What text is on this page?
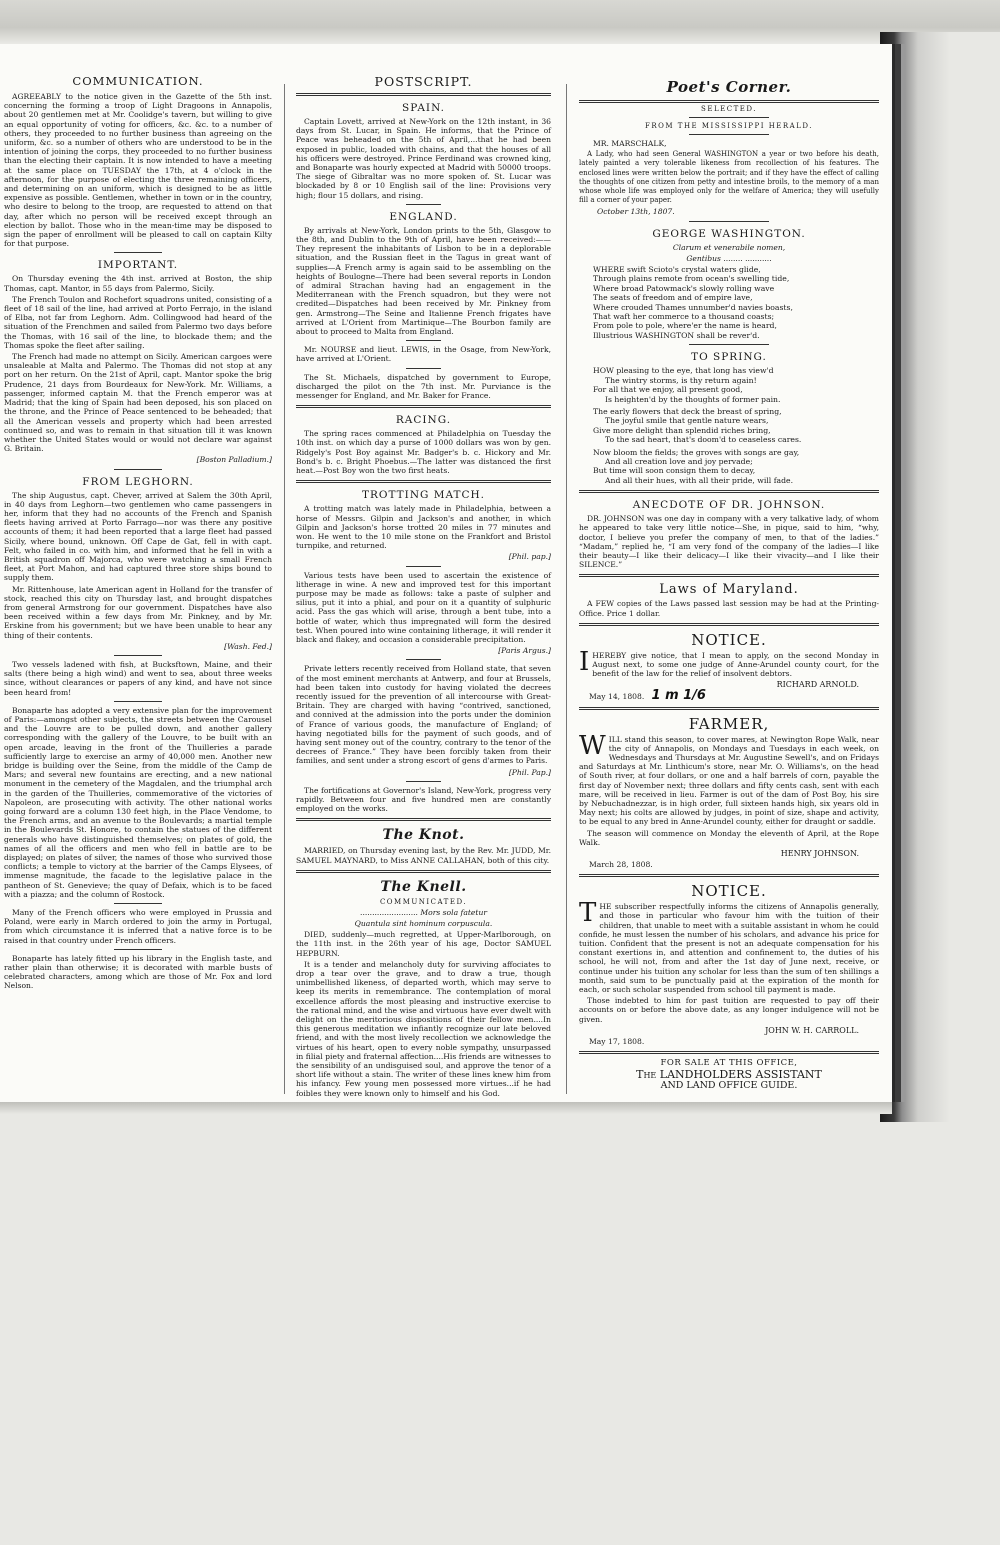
COMMUNICATION.

AGREEABLY to the notice given in the Gazette of the 5th inst. concerning the forming a troop of Light Dragoons in Annapolis, about 20 gentlemen met at Mr. Coolidge's tavern, but willing to give an equal opportunity of voting for officers, &c. &c. to a number of others, they proceeded to no further business than agreeing on the uniform, &c. so a number of others who are understood to be in the intention of joining the corps, they proceeded to no further business than the electing their captain. It is now intended to have a meeting at the same place on TUESDAY the 17th, at 4 o'clock in the afternoon, for the purpose of electing the three remaining officers, and determining on an uniform, which is designed to be as little expensive as possible. Gentlemen, whether in town or in the country, who desire to belong to the troop, are requested to attend on that day, after which no person will be received except through an election by ballot. Those who in the mean-time may be disposed to sign the paper of enrollment will be pleased to call on captain Kilty for that purpose.

IMPORTANT.

On Thursday evening the 4th inst. arrived at Boston, the ship Thomas, capt. Mantor, in 55 days from Palermo, Sicily.

The French Toulon and Rochefort squadrons united, consisting of a fleet of 18 sail of the line, had arrived at Porto Ferrajo, in the island of Elba, not far from Leghorn. Adm. Collingwood had heard of the situation of the Frenchmen and sailed from Palermo two days before the Thomas, with 16 sail of the line, to blockade them; and the Thomas spoke the fleet after sailing.

The French had made no attempt on Sicily. American cargoes were unsaleable at Malta and Palermo. The Thomas did not stop at any port on her return. On the 21st of April, capt. Mantor spoke the brig Prudence, 21 days from Bourdeaux for New-York. Mr. Williams, a passenger, informed captain M. that the French emperor was at Madrid; that the king of Spain had been deposed, his son placed on the throne, and the Prince of Peace sentenced to be beheaded; that all the American vessels and property which had been arrested continued so, and was to remain in that situation till it was known whether the United States would or would not declare war against G. Britain.

[Boston Palladium.]

FROM LEGHORN.

The ship Augustus, capt. Chever, arrived at Salem the 30th April, in 40 days from Leghorn—two gentlemen who came passengers in her, inform that they had no accounts of the French and Spanish fleets having arrived at Porto Farrago—nor was there any positive accounts of them; it had been reported that a large fleet had passed Sicily, where bound, unknown. Off Cape de Gat, fell in with capt. Felt, who failed in co. with him, and informed that he fell in with a British squadron off Majorca, who were watching a small French fleet, at Port Mahon, and had captured three store ships bound to supply them.

Mr. Rittenhouse, late American agent in Holland for the transfer of stock, reached this city on Thursday last, and brought dispatches from general Armstrong for our government. Dispatches have also been received within a few days from Mr. Pinkney, and by Mr. Erskine from his government; but we have been unable to hear any thing of their contents.

[Wash. Fed.]

Two vessels ladened with fish, at Bucksftown, Maine, and their salts (there being a high wind) and went to sea, about three weeks since, without clearances or papers of any kind, and have not since been heard from!

Bonaparte has adopted a very extensive plan for the improvement of Paris:—amongst other subjects, the streets between the Carousel and the Louvre are to be pulled down, and another gallery corresponding with the gallery of the Louvre, to be built with an open arcade, leaving in the front of the Thuilleries a parade sufficiently large to exercise an army of 40,000 men. Another new bridge is building over the Seine, from the middle of the Camp de Mars; and several new fountains are erecting, and a new national monument in the cemetery of the Magdalen, and the triumphal arch in the garden of the Thuilleries, commemorative of the victories of Napoleon, are prosecuting with activity. The other national works going forward are a column 130 feet high, in the Place Vendome, to the French arms, and an avenue to the Boulevards; a martial temple in the Boulevards St. Honore, to contain the statues of the different generals who have distinguished themselves; on plates of gold, the names of all the officers and men who fell in battle are to be displayed; on plates of silver, the names of those who survived those conflicts; a temple to victory at the barrier of the Camps Elysees, of immense magnitude, the facade to the legislative palace in the pantheon of St. Genevieve; the quay of Defaix, which is to be faced with a piazza; and the column of Rostock.

Many of the French officers who were employed in Prussia and Poland, were early in March ordered to join the army in Portugal, from which circumstance it is inferred that a native force is to be raised in that country under French officers.

Bonaparte has lately fitted up his library in the English taste, and rather plain than otherwise; it is decorated with marble busts of celebrated characters, among which are those of Mr. Fox and lord Nelson.

POSTSCRIPT.
SPAIN.

Captain Lovett, arrived at New-York on the 12th instant, in 36 days from St. Lucar, in Spain. He informs, that the Prince of Peace was beheaded on the 5th of April,...that he had been exposed in public, loaded with chains, and that the houses of all his officers were destroyed. Prince Ferdinand was crowned king, and Bonaparte was hourly expected at Madrid with 50000 troops. The siege of Gibraltar was no more spoken of. St. Lucar was blockaded by 8 or 10 English sail of the line: Provisions very high; flour 15 dollars, and rising.

ENGLAND.

By arrivals at New-York, London prints to the 5th, Glasgow to the 8th, and Dublin to the 9th of April, have been received:——They represent the inhabitants of Lisbon to be in a deplorable situation, and the Russian fleet in the Tagus in great want of supplies—A French army is again said to be assembling on the heights of Boulogne—There had been several reports in London of admiral Strachan having had an engagement in the Mediterranean with the French squadron, but they were not credited—Dispatches had been received by Mr. Pinkney from gen. Armstrong—The Seine and Italienne French frigates have arrived at L'Orient from Martinique—The Bourbon family are about to proceed to Malta from England.

Mr. NOURSE and lieut. LEWIS, in the Osage, from New-York, have arrived at L'Orient.

The St. Michaels, dispatched by government to Europe, discharged the pilot on the 7th inst. Mr. Purviance is the messenger for England, and Mr. Baker for France.

RACING.

The spring races commenced at Philadelphia on Tuesday the 10th inst. on which day a purse of 1000 dollars was won by gen. Ridgely's Post Boy against Mr. Badger's b. c. Hickory and Mr. Bond's b. c. Bright Phoebus.—The latter was distanced the first heat.—Post Boy won the two first heats.

TROTTING MATCH.

A trotting match was lately made in Philadelphia, between a horse of Messrs. Gilpin and Jackson's and another, in which Gilpin and Jackson's horse trotted 20 miles in 77 minutes and won. He went to the 10 mile stone on the Frankfort and Bristol turnpike, and returned.

[Phil. pap.]

Various tests have been used to ascertain the existence of litherage in wine. A new and improved test for this important purpose may be made as follows: take a paste of sulpher and silius, put it into a phial, and pour on it a quantity of sulphuric acid. Pass the gas which will arise, through a bent tube, into a bottle of water, which thus impregnated will form the desired test. When poured into wine containing litherage, it will render it black and flakey, and occasion a considerable precipitation.

[Paris Argus.]

Private letters recently received from Holland state, that seven of the most eminent merchants at Antwerp, and four at Brussels, had been taken into custody for having violated the decrees recently issued for the prevention of all intercourse with Great-Britain. They are charged with having “contrived, sanctioned, and connived at the admission into the ports under the dominion of France of various goods, the manufacture of England; of having negotiated bills for the payment of such goods, and of having sent money out of the country, contrary to the tenor of the decrees of France.” They have been forcibly taken from their families, and sent under a strong escort of gens d'armes to Paris.

[Phil. Pap.]

The fortifications at Governor's Island, New-York, progress very rapidly. Between four and five hundred men are constantly employed on the works.

The Knot.

MARRIED, on Thursday evening last, by the Rev. Mr. JUDD, Mr. SAMUEL MAYNARD, to Miss ANNE CALLAHAN, both of this city.

The Knell.
COMMUNICATED.

........................ Mors sola fatetur

Quantula sint hominum corpuscula.

DIED, suddenly—much regretted, at Upper-Marlborough, on the 11th inst. in the 26th year of his age, Doctor SAMUEL HEPBURN.

It is a tender and melancholy duty for surviving affociates to drop a tear over the grave, and to draw a true, though unimbellished likeness, of departed worth, which may serve to keep its merits in remembrance. The contemplation of moral excellence affords the most pleasing and instructive exercise to the rational mind, and the wise and virtuous have ever dwelt with delight on the meritorious dispositions of their fellow men....In this generous meditation we infiantly recognize our late beloved friend, and with the most lively recollection we acknowledge the virtues of his heart, open to every noble sympathy, unsurpassed in filial piety and fraternal affection....His friends are witnesses to the sensibility of an undisguised soul, and approve the tenor of a short life without a stain. The writer of these lines knew him from his infancy. Few young men possessed more virtues...if he had foibles they were known only to himself and his God.

Poet's Corner.
SELECTED.
FROM THE MISSISSIPPI HERALD.

MR. MARSCHALK,

A Lady, who had seen General WASHINGTON a year or two before his death, lately painted a very tolerable likeness from recollection of his features. The enclosed lines were written below the portrait; and if they have the effect of calling the thoughts of one citizen from petty and intestine broils, to the memory of a man whose whole life was employed only for the welfare of America; they will usefully fill a corner of your paper.

October 13th, 1807.

GEORGE WASHINGTON.

Clarum et venerabile nomen,

Gentibus ........ ...........

WHERE swift Scioto's crystal waters glide,

Through plains remote from ocean's swelling tide,

Where broad Patowmack's slowly rolling wave

The seats of freedom and of empire lave,

Where crouded Thames unnumber'd navies boasts,

That waft her commerce to a thousand coasts;

From pole to pole, where'er the name is heard,

Illustrious WASHINGTON shall be rever'd.

TO SPRING.

HOW pleasing to the eye, that long has view'd

The wintry storms, is thy return again!

For all that we enjoy, all present good,

Is heighten'd by the thoughts of former pain.

The early flowers that deck the breast of spring,

The joyful smile that gentle nature wears,

Give more delight than splendid riches bring,

To the sad heart, that's doom'd to ceaseless cares.

Now bloom the fields; the groves with songs are gay,

And all creation love and joy pervade;

But time will soon consign them to decay,

And all their hues, with all their pride, will fade.

ANECDOTE OF DR. JOHNSON.

DR. JOHNSON was one day in company with a very talkative lady, of whom he appeared to take very little notice—She, in pique, said to him, “why, doctor, I believe you prefer the company of men, to that of the ladies.” “Madam,” replied he, “I am very fond of the company of the ladies—I like their beauty—I like their delicacy—I like their vivacity—and I like their SILENCE.”

Laws of Maryland.

A FEW copies of the Laws passed last session may be had at the Printing-Office. Price 1 dollar.

NOTICE.

IHEREBY give notice, that I mean to apply, on the second Monday in August next, to some one judge of Anne-Arundel county court, for the benefit of the law for the relief of insolvent debtors.

RICHARD ARNOLD.

May 14, 1808. 1 m 1/6

FARMER,

WILL stand this season, to cover mares, at Newington Rope Walk, near the city of Annapolis, on Mondays and Tuesdays in each week, on Wednesdays and Thursdays at Mr. Augustine Sewell's, and on Fridays and Saturdays at Mr. Linthicum's store, near Mr. O. Williams's, on the head of South river, at four dollars, or one and a half barrels of corn, payable the first day of November next; three dollars and fifty cents cash, sent with each mare, will be received in lieu. Farmer is out of the dam of Post Boy, his sire by Nebuchadnezzar, is in high order, full sixteen hands high, six years old in May next; his colts are allowed by judges, in point of size, shape and activity, to be equal to any bred in Anne-Arundel county, either for draught or saddle.

The season will commence on Monday the eleventh of April, at the Rope Walk.

HENRY JOHNSON.

March 28, 1808.

NOTICE.

THE subscriber respectfully informs the citizens of Annapolis generally, and those in particular who favour him with the tuition of their children, that unable to meet with a suitable assistant in whom he could confide, he must lessen the number of his scholars, and advance his price for tuition. Confident that the present is not an adequate compensation for his constant exertions in, and attention and confinement to, the duties of his school, he will not, from and after the 1st day of June next, receive, or continue under his tuition any scholar for less than the sum of ten shillings a month, said sum to be punctually paid at the expiration of the month for each, or such scholar suspended from school till payment is made.

Those indebted to him for past tuition are requested to pay off their accounts on or before the above date, as any longer indulgence will not be given.

JOHN W. H. CARROLL.

May 17, 1808.

FOR SALE AT THIS OFFICE,

The LANDHOLDERS ASSISTANT

AND LAND OFFICE GUIDE.
